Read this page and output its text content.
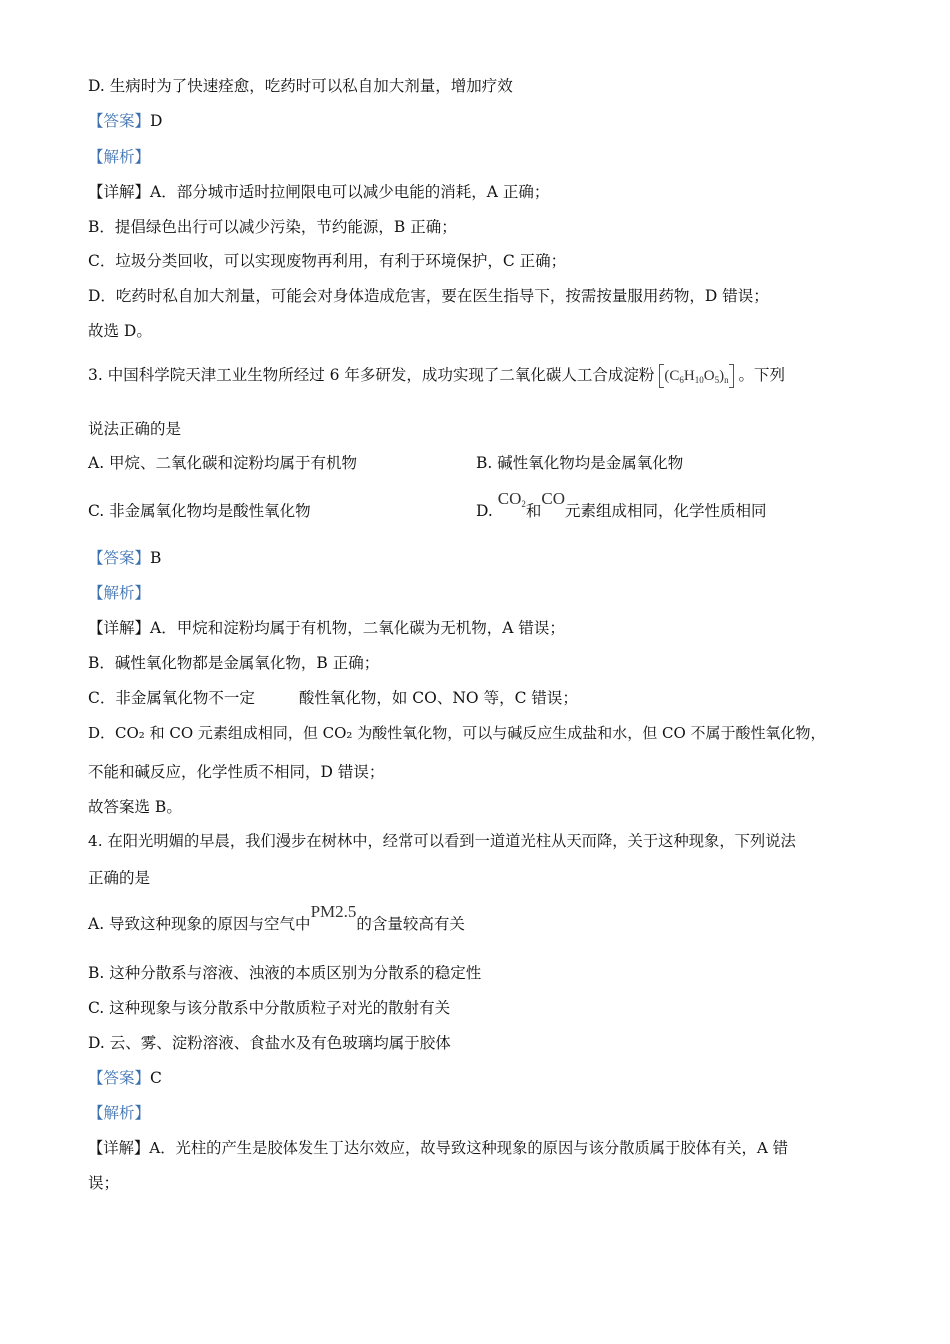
D. 生病时为了快速痊愈，吃药时可以私自加大剂量，增加疗效
【答案】D
【解析】
【详解】A．部分城市适时拉闸限电可以减少电能的消耗，A 正确；
B．提倡绿色出行可以减少污染，节约能源，B 正确；
C．垃圾分类回收，可以实现废物再利用，有利于环境保护，C 正确；
D．吃药时私自加大剂量，可能会对身体造成危害，要在医生指导下，按需按量服用药物，D 错误；
故选 D。
3. 中国科学院天津工业生物所经过 6 年多研发，成功实现了二氧化碳人工合成淀粉 $(C_6H_{10}O_5)_n$ 。下列
说法正确的是
A. 甲烷、二氧化碳和淀粉均属于有机物	B. 碱性氧化物均是金属氧化物
C. 非金属氧化物均是酸性氧化物	D. $CO_2$和CO元素组成相同，化学性质相同
【答案】B
【解析】
【详解】A．甲烷和淀粉均属于有机物，二氧化碳为无机物，A 错误；
B．碱性氧化物都是金属氧化物，B 正确；
C．非金属氧化物不一定	酸性氧化物，如 CO、NO 等，C 错误；
D．CO₂ 和 CO 元素组成相同，但 CO₂ 为酸性氧化物，可以与碱反应生成盐和水，但 CO 不属于酸性氧化物，
不能和碱反应，化学性质不相同，D 错误；
故答案选 B。
4. 在阳光明媚的早晨，我们漫步在树林中，经常可以看到一道道光柱从天而降，关于这种现象，下列说法
正确的是
A. 导致这种现象的原因与空气中PM2.5的含量较高有关
B. 这种分散系与溶液、浊液的本质区别为分散系的稳定性
C. 这种现象与该分散系中分散质粒子对光的散射有关
D. 云、雾、淀粉溶液、食盐水及有色玻璃均属于胶体
【答案】C
【解析】
【详解】A．光柱的产生是胶体发生丁达尔效应，故导致这种现象的原因与该分散质属于胶体有关，A 错
误；
